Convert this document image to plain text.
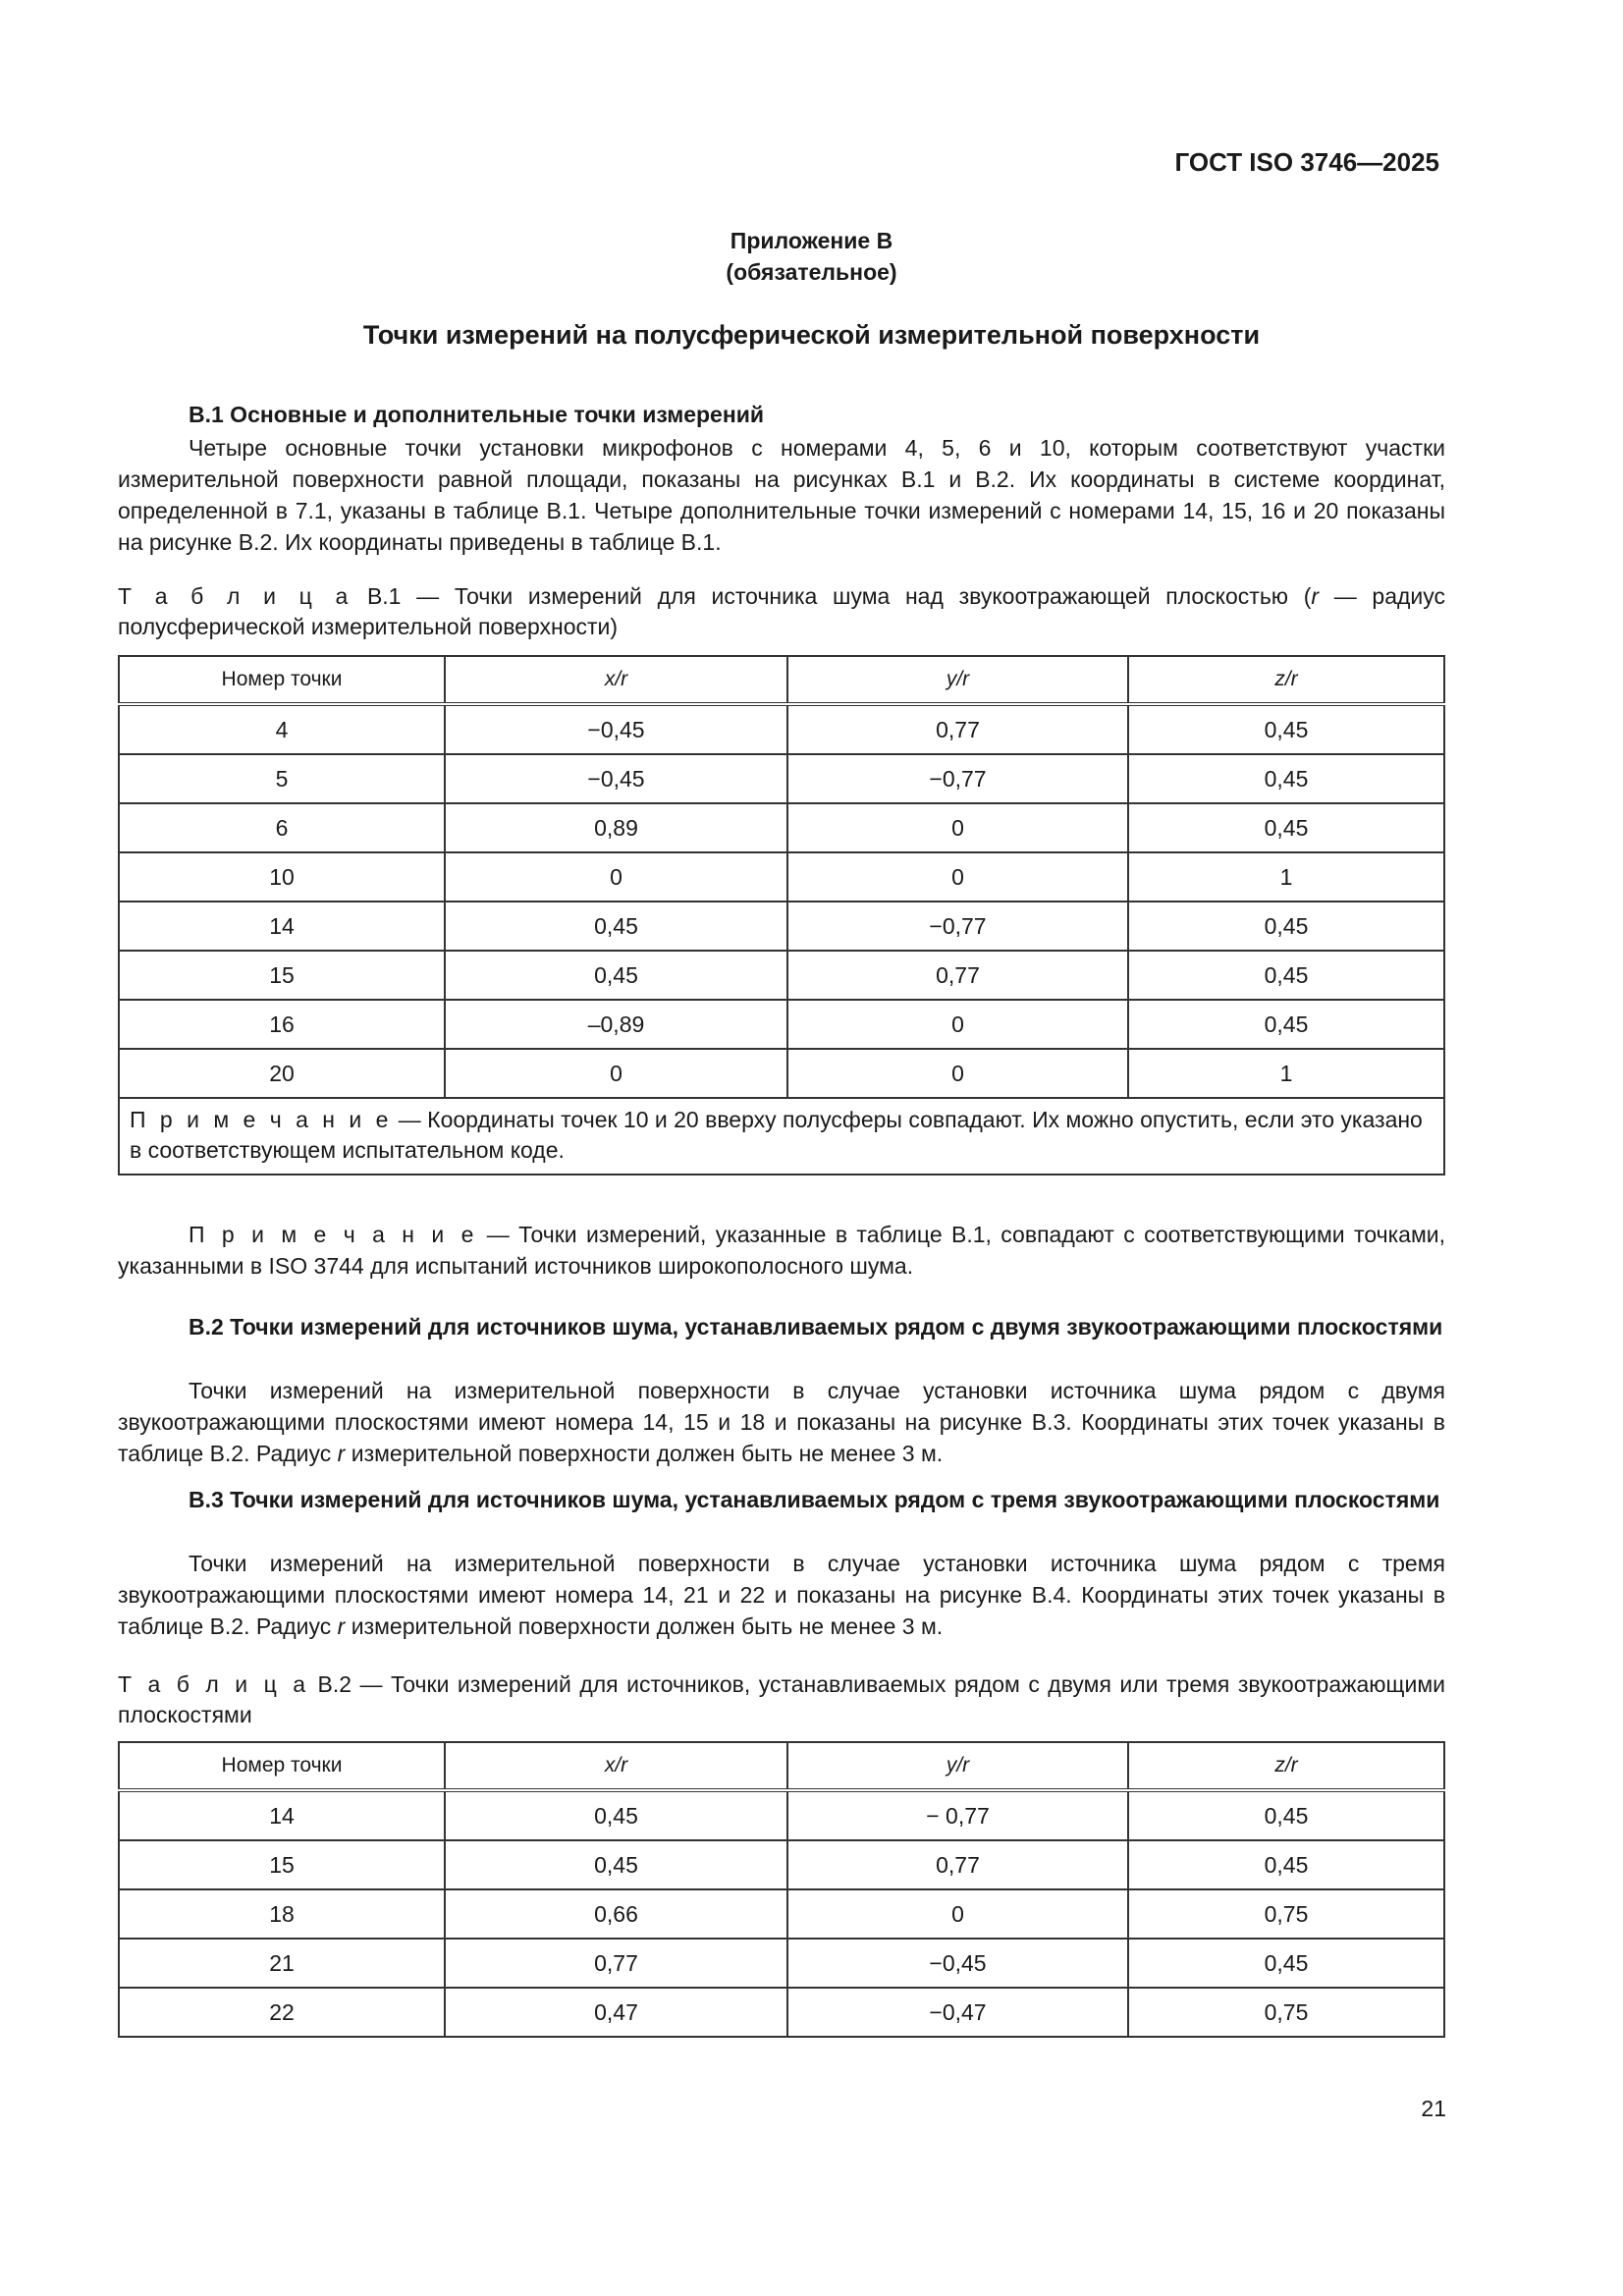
ГОСТ ISO 3746—2025
Приложение В
(обязательное)
Точки измерений на полусферической измерительной поверхности
В.1 Основные и дополнительные точки измерений

Четыре основные точки установки микрофонов с номерами 4, 5, 6 и 10, которым соответствуют участки измерительной поверхности равной площади, показаны на рисунках В.1 и В.2. Их координаты в системе координат, определенной в 7.1, указаны в таблице В.1. Четыре дополнительные точки измерений с номерами 14, 15, 16 и 20 показаны на рисунке В.2. Их координаты приведены в таблице В.1.

Т а б л и ц а В.1 — Точки измерений для источника шума над звукоотражающей плоскостью (r — радиус полусферической измерительной поверхности)
Номер точки	x/r	y/r	z/r
4	−0,45	0,77	0,45
5	−0,45	−0,77	0,45
6	0,89	0	0,45
10	0	0	1
14	0,45	−0,77	0,45
15	0,45	0,77	0,45
16	–0,89	0	0,45
20	0	0	1
П р и м е ч а н и е — Координаты точек 10 и 20 вверху полусферы совпадают. Их можно опустить, если это указано в соответствующем испытательном коде.			

П р и м е ч а н и е — Точки измерений, указанные в таблице В.1, совпадают с соответствующими точками, указанными в ISO 3744 для испытаний источников широкополосного шума.

В.2 Точки измерений для источников шума, устанавливаемых рядом с двумя звукоотражающими плоскостями

Точки измерений на измерительной поверхности в случае установки источника шума рядом с двумя звукоотражающими плоскостями имеют номера 14, 15 и 18 и показаны на рисунке В.3. Координаты этих точек указаны в таблице В.2. Радиус r измерительной поверхности должен быть не менее 3 м.

В.3 Точки измерений для источников шума, устанавливаемых рядом с тремя звукоотражающими плоскостями

Точки измерений на измерительной поверхности в случае установки источника шума рядом с тремя звукоотражающими плоскостями имеют номера 14, 21 и 22 и показаны на рисунке В.4. Координаты этих точек указаны в таблице В.2. Радиус r измерительной поверхности должен быть не менее 3 м.

Т а б л и ц а В.2 — Точки измерений для источников, устанавливаемых рядом с двумя или тремя звукоотражающими плоскостями
Номер точки	x/r	y/r	z/r
14	0,45	− 0,77	0,45
15	0,45	0,77	0,45
18	0,66	0	0,75
21	0,77	−0,45	0,45
22	0,47	−0,47	0,75
21
